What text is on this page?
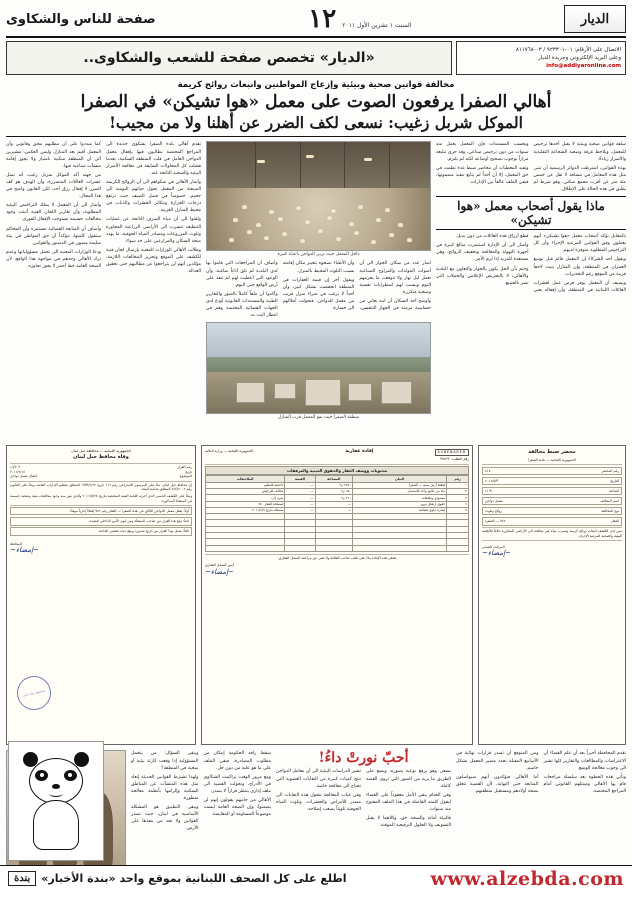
الديار
السبت ١ تشرين الأول ٢٠١١
١٢
صفحة للناس والشكاوى
الاتصال على الأرقام: ٠١-٩٢٣٣٠١ / ٠٣-٨١١٧٦٨
وعلى البريد الإلكتروني وجريدة الديار
info@addiyaronline.com
«الديار» تخصص صفحة للشعب والشكاوى..
مخالفة قوانين صحية وبيئية وإزعاج المواطنين وانبعاث روائح كريمة
أهالي الصفرا يرفعون الصوت على معمل «هوا تشيكن» في الصفرا
الموكل شربل زغيب: نسعى لكف الضرر عن أهلنا ولا من مجيب!

سلفة قوانين صحية وبيئية لا يقبل أحدها ترخيص للمعمل، ويلاحظ غرفة وضعية الشجاعة التقليدية والأضرار زيادةً.

بهذه القوانين، اشترطت الدوائر الرسمية أن تبنى مثل هذه المعامل في مسافة لا تقل عن خمس مئة متر عن أقرب مجمع سكني، وهو شرط لم يطبق في هذه الحالة على الإطلاق.

وبحسب المستندات فإن المعمل يعمل منذ سنوات من دون ترخيص صناعي، وقد جرى تبليغه مراراً بوجوب تصحيح أوضاعه لكنه لم يلتزم.

وتفيد المعطيات أن محاضر ضبط عدة نظمت في حق المعمل، إلا أن أحداً لم يتابع تنفيذ مضمونها، فبقي الملف عالقاً بين الإدارات.

ماذا يقول أصحاب معمل «هوا تشيكن»

بالمقابل يؤكد أصحاب معمل «هوا تشيكن» أنهم يعملون وفق القوانين المرعية الإجراء وأن كل التراخيص المطلوبة متوفرة لديهم.

ويقول أحد الشركاء إن المعمل قائم قبل توسع العمران في المنطقة، وإن المنازل بنيت لاحقاً قريبة من الموقع رغم التحذيرات.

ويضيف أن المعمل يوفر فرص عمل لعشرات العائلات اللبنانية في المنطقة، وأن إقفاله يعني قطع أرزاق هذه العائلات من دون بديل.

وأشار الى أن الإدارة استثمرت مبالغ كبيرة في أجهزة التهوئة والمعالجة وتخفيف الروائح، وهي مستعدة للمزيد إذا لزم الأمر.

وختم بأن الحل يكون بالحوار والتعاون مع البلدية والأهالي، لا بالتحريض الإعلامي والحملات التي تضر بالجميع.

داخل المعمل حيث تربى الدواجن بأعداد كبيرة

اشار عدد من سكان الجوار الى أن أصوات المولدات والمراوح الصناعية تعمل ليل نهار ولا تتوقف، ما يحرمهم النوم ويسبب لهم اضطرابات نفسية وصحية متكررة.

وأوضح أحد السكان أن ابنه يعاني من حساسية مزمنة في الجهاز التنفسي، وأن الأطباء نصحوه بتغيير مكان إقامته بسبب التلوث المحيط بالمنزل.

ويقول آخر إن قيمة العقارات في المنطقة انخفضت بشكل كبير، وأن أحداً لا يرغب في شراء منزل قريب من معمل للدواجن، فتحولت أملاكهم الى خسارة.

وأضاف أن المراجعات التي قاموا بها لدى البلدية لم تلقَ آذاناً صاغية، وأن الوعود التي أعطيت لهم لم تنفذ على أرض الواقع حتى اليوم.

وأكدوا أن ملفاً كاملاً بالصور والتقارير الطبية والمستندات القانونية أودع لدى الجهات القضائية المختصة وهم في انتظار البت به.

منطقة الصفرا حيث يقع المعمل قرب المنازل

تقدم أهالي بلدة الصفرا بشكوى جديدة الى المراجع المختصة يطالبون فيها بإقفال معمل الدواجن العامل في قلب المنطقة السكنية، بعدما فشلت كل المحاولات السابقة في معالجة الأضرار البيئية والصحية الناتجة عنه.

وأشار الأهالي في شكواهم الى أن الروائح الكريمة المنبعثة من المعمل تحول حياتهم اليومية الى جحيم، خصوصاً في فصل الصيف حيث ترتفع درجات الحرارة وتتكاثر الحشرات والذباب في محيط المنازل القريبة.

ولفتوا الى أن مياه الصرف الناتجة عن عمليات التنظيف تتسرب الى الأراضي الزراعية المجاورة وتلوث المزروعات ومصادر المياه الجوفية، ما يهدد صحة السكان والمزارعين على حد سواء.

وطالب الأهالي الوزارات المعنية بإرسال لجان فنية للكشف على الموقع وتحرير المخالفات اللازمة، مؤكدين أنهم لن يتراجعوا عن مطالبهم حتى تحقيق العدالة.

كما شددوا على أن مطلبهم محق وقانوني وأن المعمل أقيم بعد المنازل وليس العكس، مشيرين الى أن المنطقة سكنية بامتياز ولا يجوز إقامة منشآت صناعية فيها.

من جهته أكد الموكل شربل زغيب أنه يمثل عشرات العائلات المتضررة، وأن الهدف هو كف الضرر لا إقفال رزق أحد، لكن القانون واضح في هذا المجال.

وأشار الى أن المعمل لا يملك التراخيص البيئية المطلوبة، وأن تقارير اللجان الفنية أثبتت وجود مخالفات جسيمة تستوجب الإقفال الفوري.

وأضاف أن المتابعة القضائية مستمرة وأن المحاكم ستقول كلمتها، مؤكداً أن حق المواطن في بيئة سليمة مصون في الدستور والقوانين.

ودعا الوزارات المعنية الى تحمل مسؤولياتها وعدم ترك الأهالي وحدهم في مواجهة هذا الواقع، لأن الصحة العامة خط أحمر لا يجوز تجاوزه.

محضر ضبط مخالفة
الجمهورية اللبنانية — بلدية الصفرا
رقم المحضر
٤١٧
التاريخ
٢٠١١/٥/٣
الساعة
١١:٣٠
اسم المخالف
معمل دواجن
نوع المخالفة
روائح وتلوث
العقار
٧٤٢ — الصفرا
تبين لدى الكشف انبعاث روائح كريمة وتسرب مياه غير معالجة الى الأراضي المجاورة خلافاً للأنظمة البيئية والصحية المرعية الإجراء.
المراقب الصحي
~إمضاء~
A4BENAREB
رقم الطلب: ٣٧٤٢٢
إفادة عقارية
الجمهورية اللبنانية — وزارة المالية
محتويات ووصف العقار والحقوق العينية والمرفقات
رقم	البيان	المساحة	القيمة	الملاحظات
١	قطعة أرض مبنية — الصفرا	٢٤٥٠ م٢	—	خاضعة للتنظيم
٢	بناء من طابق واحد للاستثمار	٦٨٠ م٢	—	مخالف للترخيص
٣	مستودع وملحقاته	٣١٠ م٢	—	بدون إذن
٤	حقوق ارتفاق مرور	—	—	لمصلحة العقار ٧٤٠
٥	إشارة دعوى قضائية	—	—	مسجلة بتاريخ ٢٠١١/٤/٩

تعطى هذه الإفادة بناءً على طلب صاحب العلاقة ولا تغني عن مراجعة السجل العقاري.
أمين السجل العقاري
~إمضاء~
الجمهورية اللبنانية — محافظة جبل لبنان
وفاة محافظ جبل لبنان
رقم القرار
٢٠٣/أ.د
تاريخ
٢٠١١/٦/١٤
الموضوع
إقفال معمل دواجن
إن محافظ جبل لبنان، بناءً على المرسوم الاشتراعي رقم ١١٦ تاريخ ١٩٥٩/٦/١٢ المتعلق بتنظيم الإدارات العامة، وبناءً على القانون رقم ٤٤٤/٢٠٠٢ المتعلق بحماية البيئة.
وبناءً على الكشف الحسي الذي أجرته اللجنة الفنية المختصة بتاريخ ٢٠١١/٥/٢٨ والذي تبين منه وجود مخالفات بيئية وصحية جسيمة في المنشأة المذكورة.
أولاً: يقفل معمل الدواجن الكائن في بلدة الصفرا — العقار رقم ٧٤٢ إقفالاً إدارياً موقتاً.
ثانياً: يبلغ هذا القرار من صاحب المنشأة ومن قوى الأمن الداخلي لتنفيذه.
ثالثاً: يعمل بهذا القرار من تاريخ صدوره ويبلغ حيث تقتضي الحاجة.
محافظة جبل لبنان
المحافظ
~إمضاء~

تقدم المحافظة أخيراً بعد أن علم القضاء أن الاعتراضات والمطالعات والتقارير كلها تشير الى وجوب معالجة الوضع.

وتأتي هذه الخطوة بعد سلسلة مراجعات قام بها الأهالي وممثلهم القانوني أمام المراجع المختصة.

ومن المتوقع أن تصدر قرارات نهائية في الأسابيع المقبلة تحدد مصير المعمل بشكل حاسم.

أما الأهالي فيؤكدون أنهم سيواصلون المتابعة حتى النهاية، لأن القضية تتعلق بصحة أولادهم ومستقبل منطقتهم.

أحبّ نورتْ داءُ!

يسعى وهو يرفع نوعية يصوره، ويضع على الطريق ما يريد من الصور التي تروي القصة كاملة.

وفي الختام يبقى الأمل معقوداً على القضاء ليقول كلمته الفاصلة في هذا الملف المفتوح منذ سنوات.

فالبيئة أمانة والصحة حق، وكلاهما لا يقبل التسويف ولا الحلول الترقيعية الموقتة.

تشير الدراسات البيئية الى أن معامل الدواجن تنتج كميات كبيرة من النفايات العضوية التي تحتاج الى معالجة خاصة.

وفي غياب المعالجة تتحول هذه النفايات الى مصدر للأمراض والحشرات، وتلوث المياه الجوفية تلويثاً يصعب إصلاحه.

سقط رافد الحكومة إمكان من مطلوب المصادرة، فبقي الملف على ما هو عليه من دون حل.

ومع مرور الوقت تراكمت الشكاوى في الأدراج، وتحولت القضية الى ملف إداري ينتظر قراراً لا يصدر.

الأهالي من جانبهم يقولون إنهم لن يصمتوا، وإن الصحة العامة ليست موضوعاً للمساومة أو المقايضة.

ويبقى السؤال: من يتحمل المسؤولية إذا وقعت كارثة بيئية أو صحية في المنطقة؟

ولهذا تشترط القوانين الحديثة إبعاد مثل هذه المنشآت عن المناطق السكنية وإلزامها بأنظمة معالجة متطورة.

ويبقى التطبيق هو المشكلة الأساسية في لبنان، حيث تصدر القوانين ولا تجد من ينفذها على الأرض.

www.alzebda.com
اطلع على كل الصحف اللبنانية بموقع واحد «بندة الأخبار»
بندة
